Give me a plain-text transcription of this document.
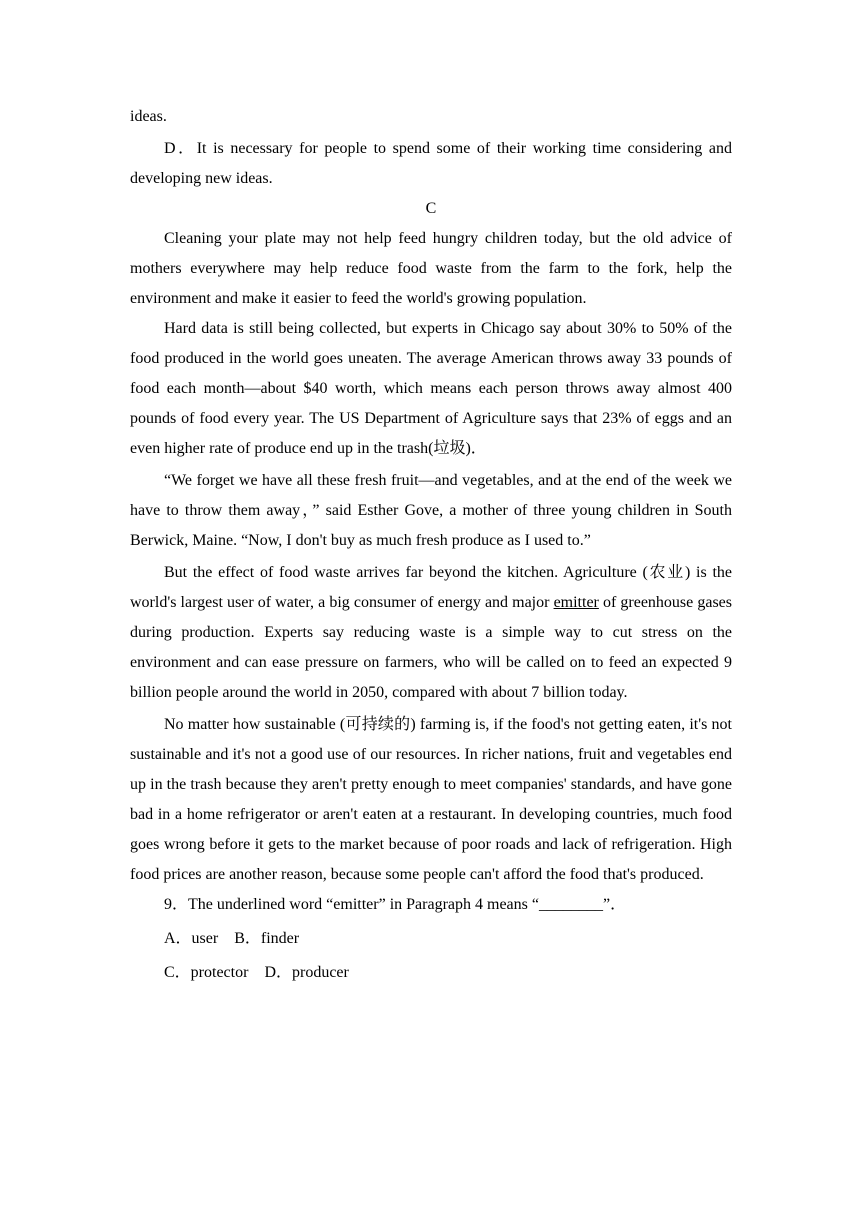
ideas.

D．It is necessary for people to spend some of their working time considering and developing new ideas.

C

Cleaning your plate may not help feed hungry children today, but the old advice of mothers everywhere may help reduce food waste from the farm to the fork, help the environment and make it easier to feed the world's growing population.

Hard data is still being collected, but experts in Chicago say about 30% to 50% of the food produced in the world goes uneaten. The average American throws away 33 pounds of food each month—about $40 worth, which means each person throws away almost 400 pounds of food every year. The US Department of Agriculture says that 23% of eggs and an even higher rate of produce end up in the trash(垃圾)．

“We forget we have all these fresh fruit—and vegetables, and at the end of the week we have to throw them away，” said Esther Gove, a mother of three young children in South Berwick, Maine. “Now, I don't buy as much fresh produce as I used to.”

But the effect of food waste arrives far beyond the kitchen. Agriculture (农业) is the world's largest user of water, a big consumer of energy and major emitter of greenhouse gases during production. Experts say reducing waste is a simple way to cut stress on the environment and can ease pressure on farmers, who will be called on to feed an expected 9 billion people around the world in 2050, compared with about 7 billion today.

No matter how sustainable (可持续的) farming is, if the food's not getting eaten, it's not sustainable and it's not a good use of our resources. In richer nations, fruit and vegetables end up in the trash because they aren't pretty enough to meet companies' standards, and have gone bad in a home refrigerator or aren't eaten at a restaurant. In developing countries, much food goes wrong before it gets to the market because of poor roads and lack of refrigeration. High food prices are another reason, because some people can't afford the food that's produced.

9．The underlined word “emitter” in Paragraph 4 means “________”．

A．user B．finder

C．protector D．producer
